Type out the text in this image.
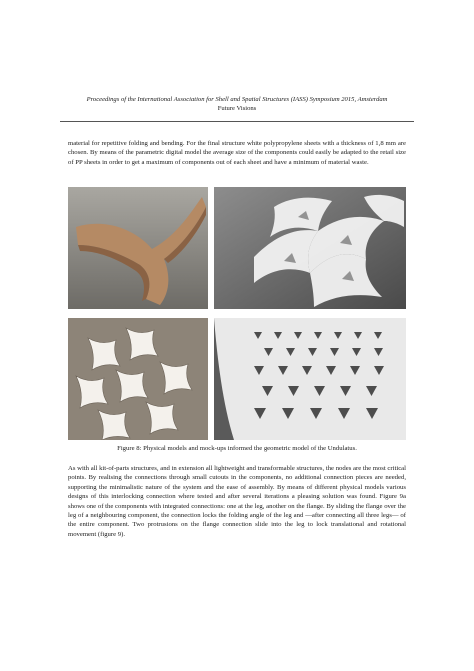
Proceedings of the International Association for Shell and Spatial Structures (IASS) Symposium 2015, Amsterdam
Future Visions
material for repetitive folding and bending. For the final structure white polypropylene sheets with a thickness of 1,8 mm are chosen. By means of the parametric digital model the average size of the components could easily be adapted to the retail size of PP sheets in order to get a maximum of components out of each sheet and have a minimum of material waste.
Figure 8: Physical models and mock-ups informed the geometric model of the Undulatus.
As with all kit-of-parts structures, and in extension all lightweight and transformable structures, the nodes are the most critical points. By realising the connections through small cutouts in the components, no additional connection pieces are needed, supporting the minimalistic nature of the system and the ease of assembly. By means of different physical models various designs of this interlocking connection where tested and after several iterations a pleasing solution was found. Figure 9a shows one of the components with integrated connections: one at the leg, another on the flange. By sliding the flange over the leg of a neighbouring component, the connection locks the folding angle of the leg and —after connecting all three legs— of the entire component. Two protrusions on the flange connection slide into the leg to lock translational and rotational movement (figure 9).
